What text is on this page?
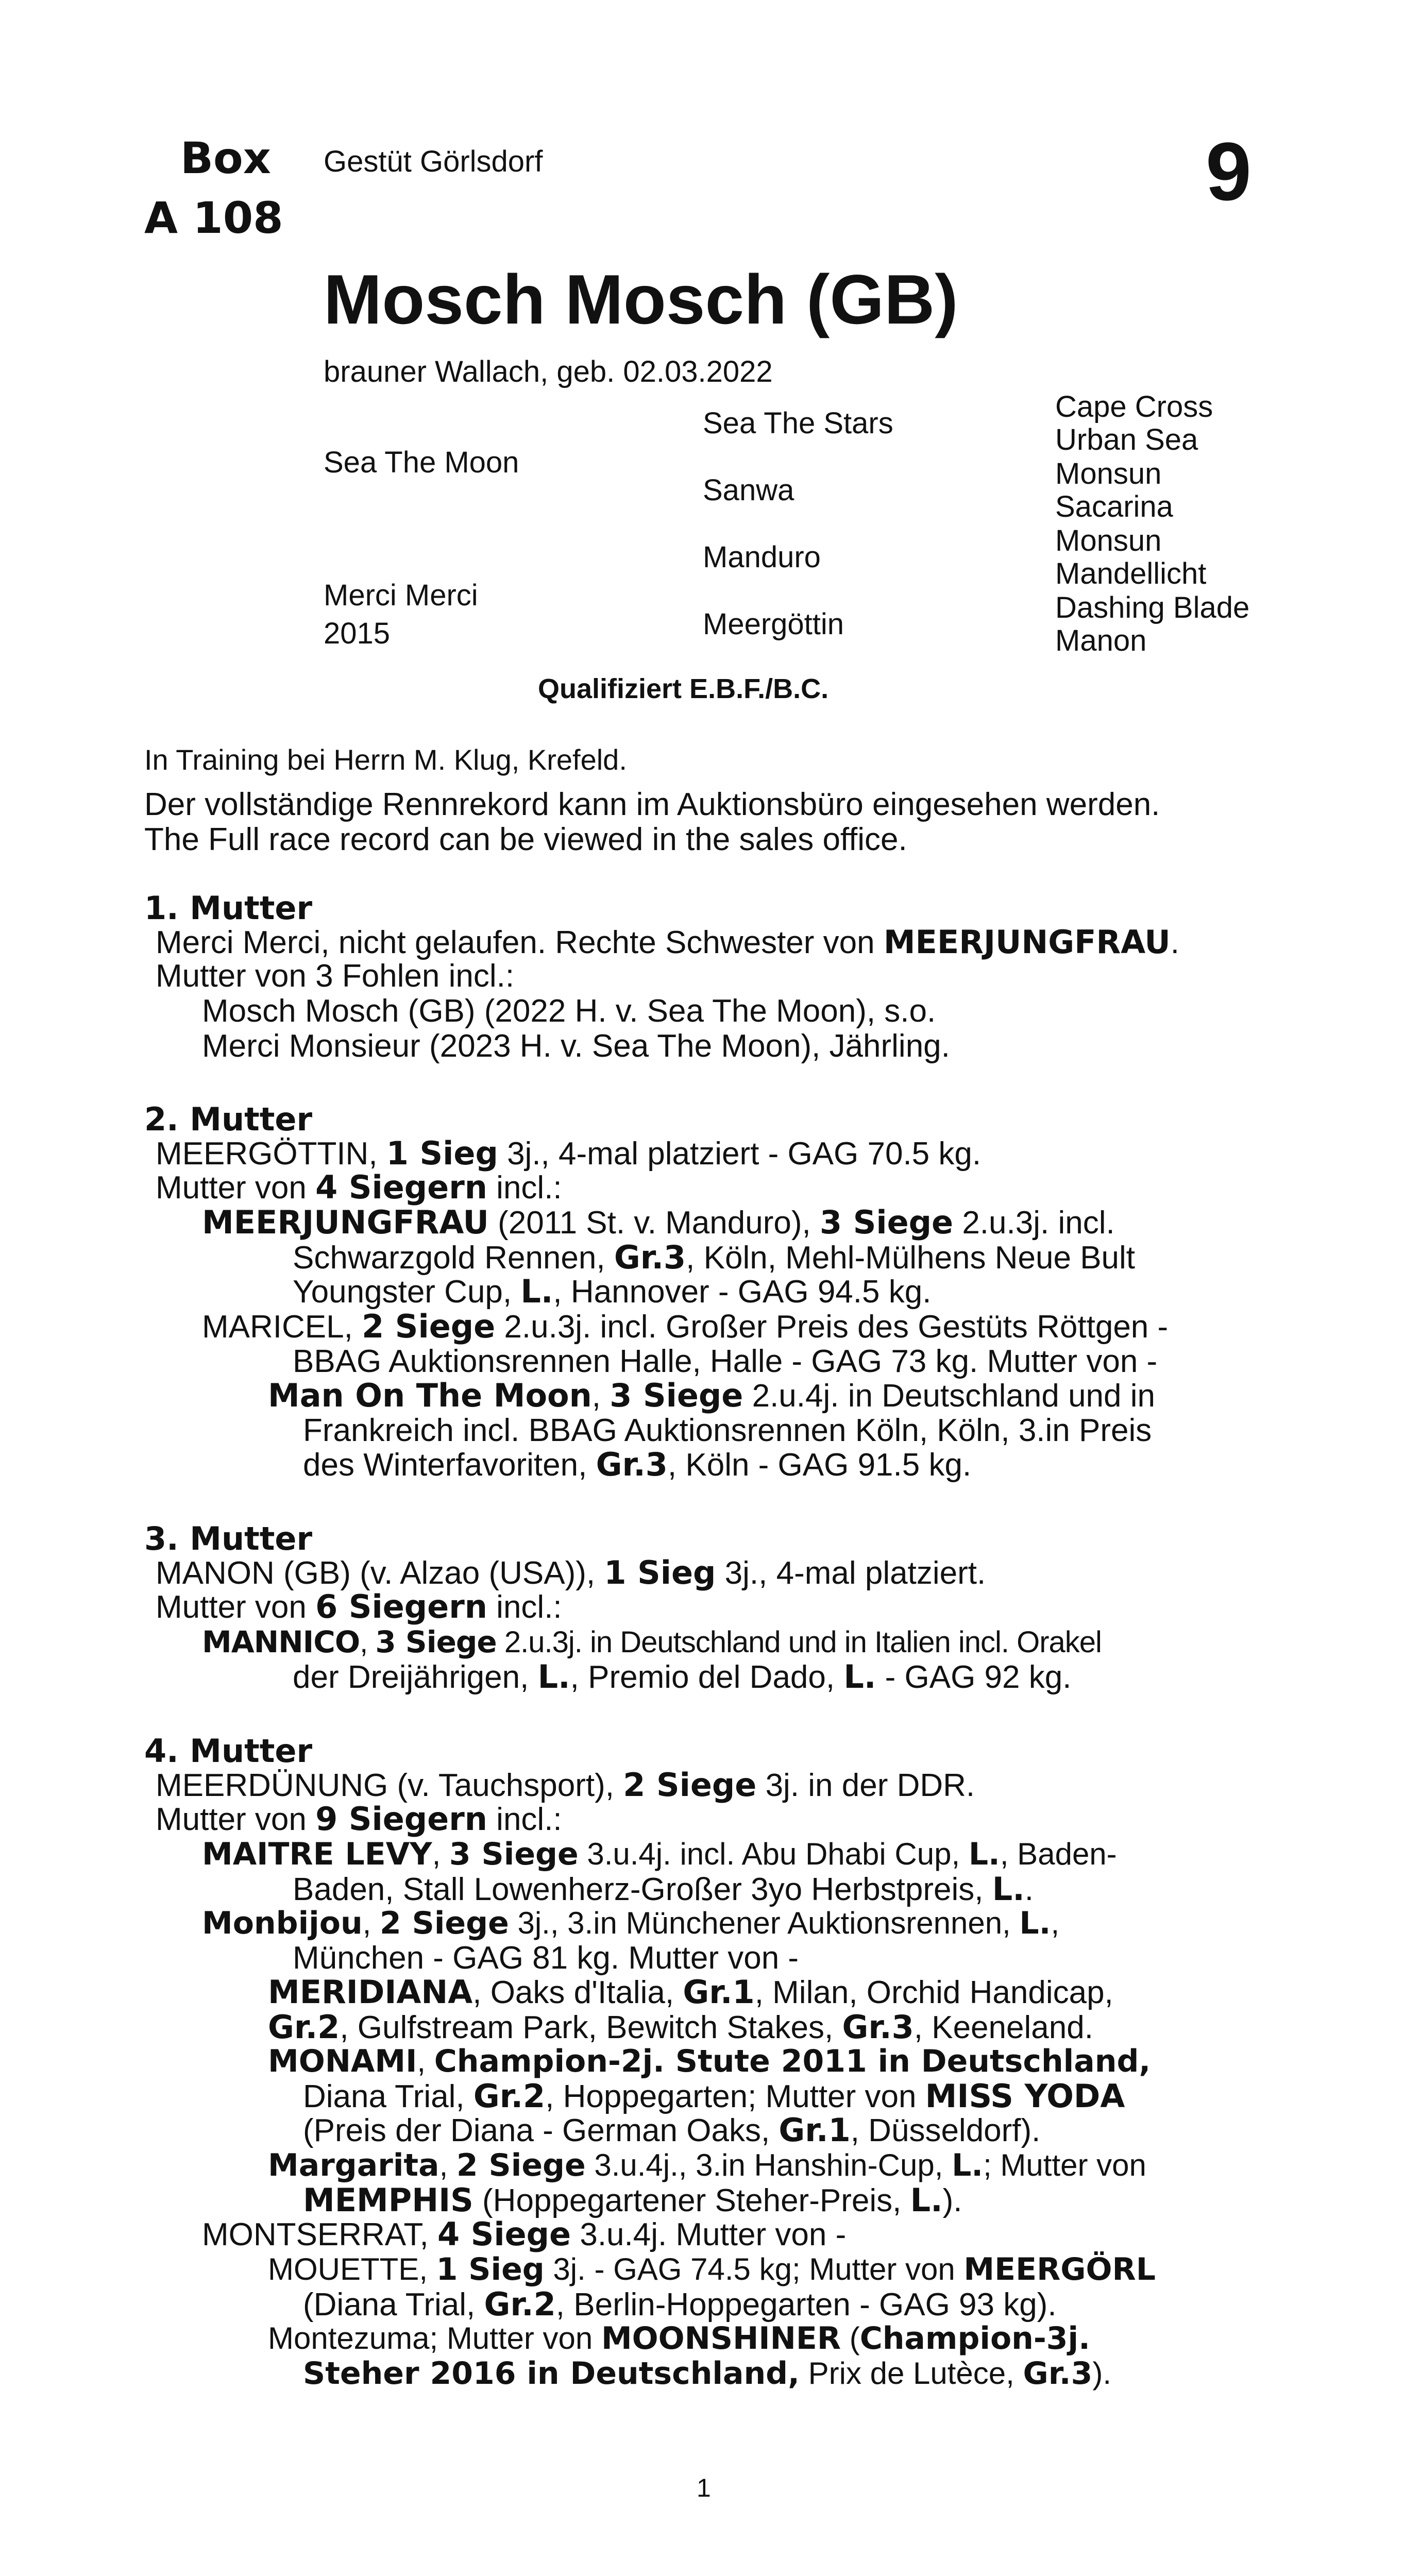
Box
A 108
Gestüt Görlsdorf	9
Mosch Mosch (GB)
brauner Wallach, geb. 02.03.2022
Sea The Moon
Merci Merci
2015
Sea The Stars
Sanwa
Manduro
Meergöttin
Cape Cross
Urban Sea
Monsun
Sacarina
Monsun
Mandellicht
Dashing Blade
Manon
Qualifiziert E.B.F./B.C.
In Training bei Herrn M. Klug, Krefeld.
Der vollständige Rennrekord kann im Auktionsbüro eingesehen werden.
The Full race record can be viewed in the sales office.
1. Mutter
Merci Merci, nicht gelaufen. Rechte Schwester von MEERJUNGFRAU.
Mutter von 3 Fohlen incl.:
Mosch Mosch (GB) (2022 H. v. Sea The Moon), s.o.
Merci Monsieur (2023 H. v. Sea The Moon), Jährling.
2. Mutter
MEERGÖTTIN, 1 Sieg 3j., 4-mal platziert - GAG 70.5 kg.
Mutter von 4 Siegern incl.:
MEERJUNGFRAU (2011 St. v. Manduro), 3 Siege 2.u.3j. incl.
Schwarzgold Rennen, Gr.3, Köln, Mehl-Mülhens Neue Bult
Youngster Cup, L., Hannover - GAG 94.5 kg.
MARICEL, 2 Siege 2.u.3j. incl. Großer Preis des Gestüts Röttgen -
BBAG Auktionsrennen Halle, Halle - GAG 73 kg. Mutter von -
Man On The Moon, 3 Siege 2.u.4j. in Deutschland und in
Frankreich incl. BBAG Auktionsrennen Köln, Köln, 3.in Preis
des Winterfavoriten, Gr.3, Köln - GAG 91.5 kg.
3. Mutter
MANON (GB) (v. Alzao (USA)), 1 Sieg 3j., 4-mal platziert.
Mutter von 6 Siegern incl.:
MANNICO, 3 Siege 2.u.3j. in Deutschland und in Italien incl. Orakel
der Dreijährigen, L., Premio del Dado, L. - GAG 92 kg.
4. Mutter
MEERDÜNUNG (v. Tauchsport), 2 Siege 3j. in der DDR.
Mutter von 9 Siegern incl.:
MAITRE LEVY, 3 Siege 3.u.4j. incl. Abu Dhabi Cup, L., Baden-
Baden, Stall Lowenherz-Großer 3yo Herbstpreis, L..
Monbijou, 2 Siege 3j., 3.in Münchener Auktionsrennen, L.,
München - GAG 81 kg. Mutter von -
MERIDIANA, Oaks d'Italia, Gr.1, Milan, Orchid Handicap,
Gr.2, Gulfstream Park, Bewitch Stakes, Gr.3, Keeneland.
MONAMI, Champion-2j. Stute 2011 in Deutschland,
Diana Trial, Gr.2, Hoppegarten; Mutter von MISS YODA
(Preis der Diana - German Oaks, Gr.1, Düsseldorf).
Margarita, 2 Siege 3.u.4j., 3.in Hanshin-Cup, L.; Mutter von
MEMPHIS (Hoppegartener Steher-Preis, L.).
MONTSERRAT, 4 Siege 3.u.4j. Mutter von -
MOUETTE, 1 Sieg 3j. - GAG 74.5 kg; Mutter von MEERGÖRL
(Diana Trial, Gr.2, Berlin-Hoppegarten - GAG 93 kg).
Montezuma; Mutter von MOONSHINER (Champion-3j.
Steher 2016 in Deutschland, Prix de Lutèce, Gr.3).
1
